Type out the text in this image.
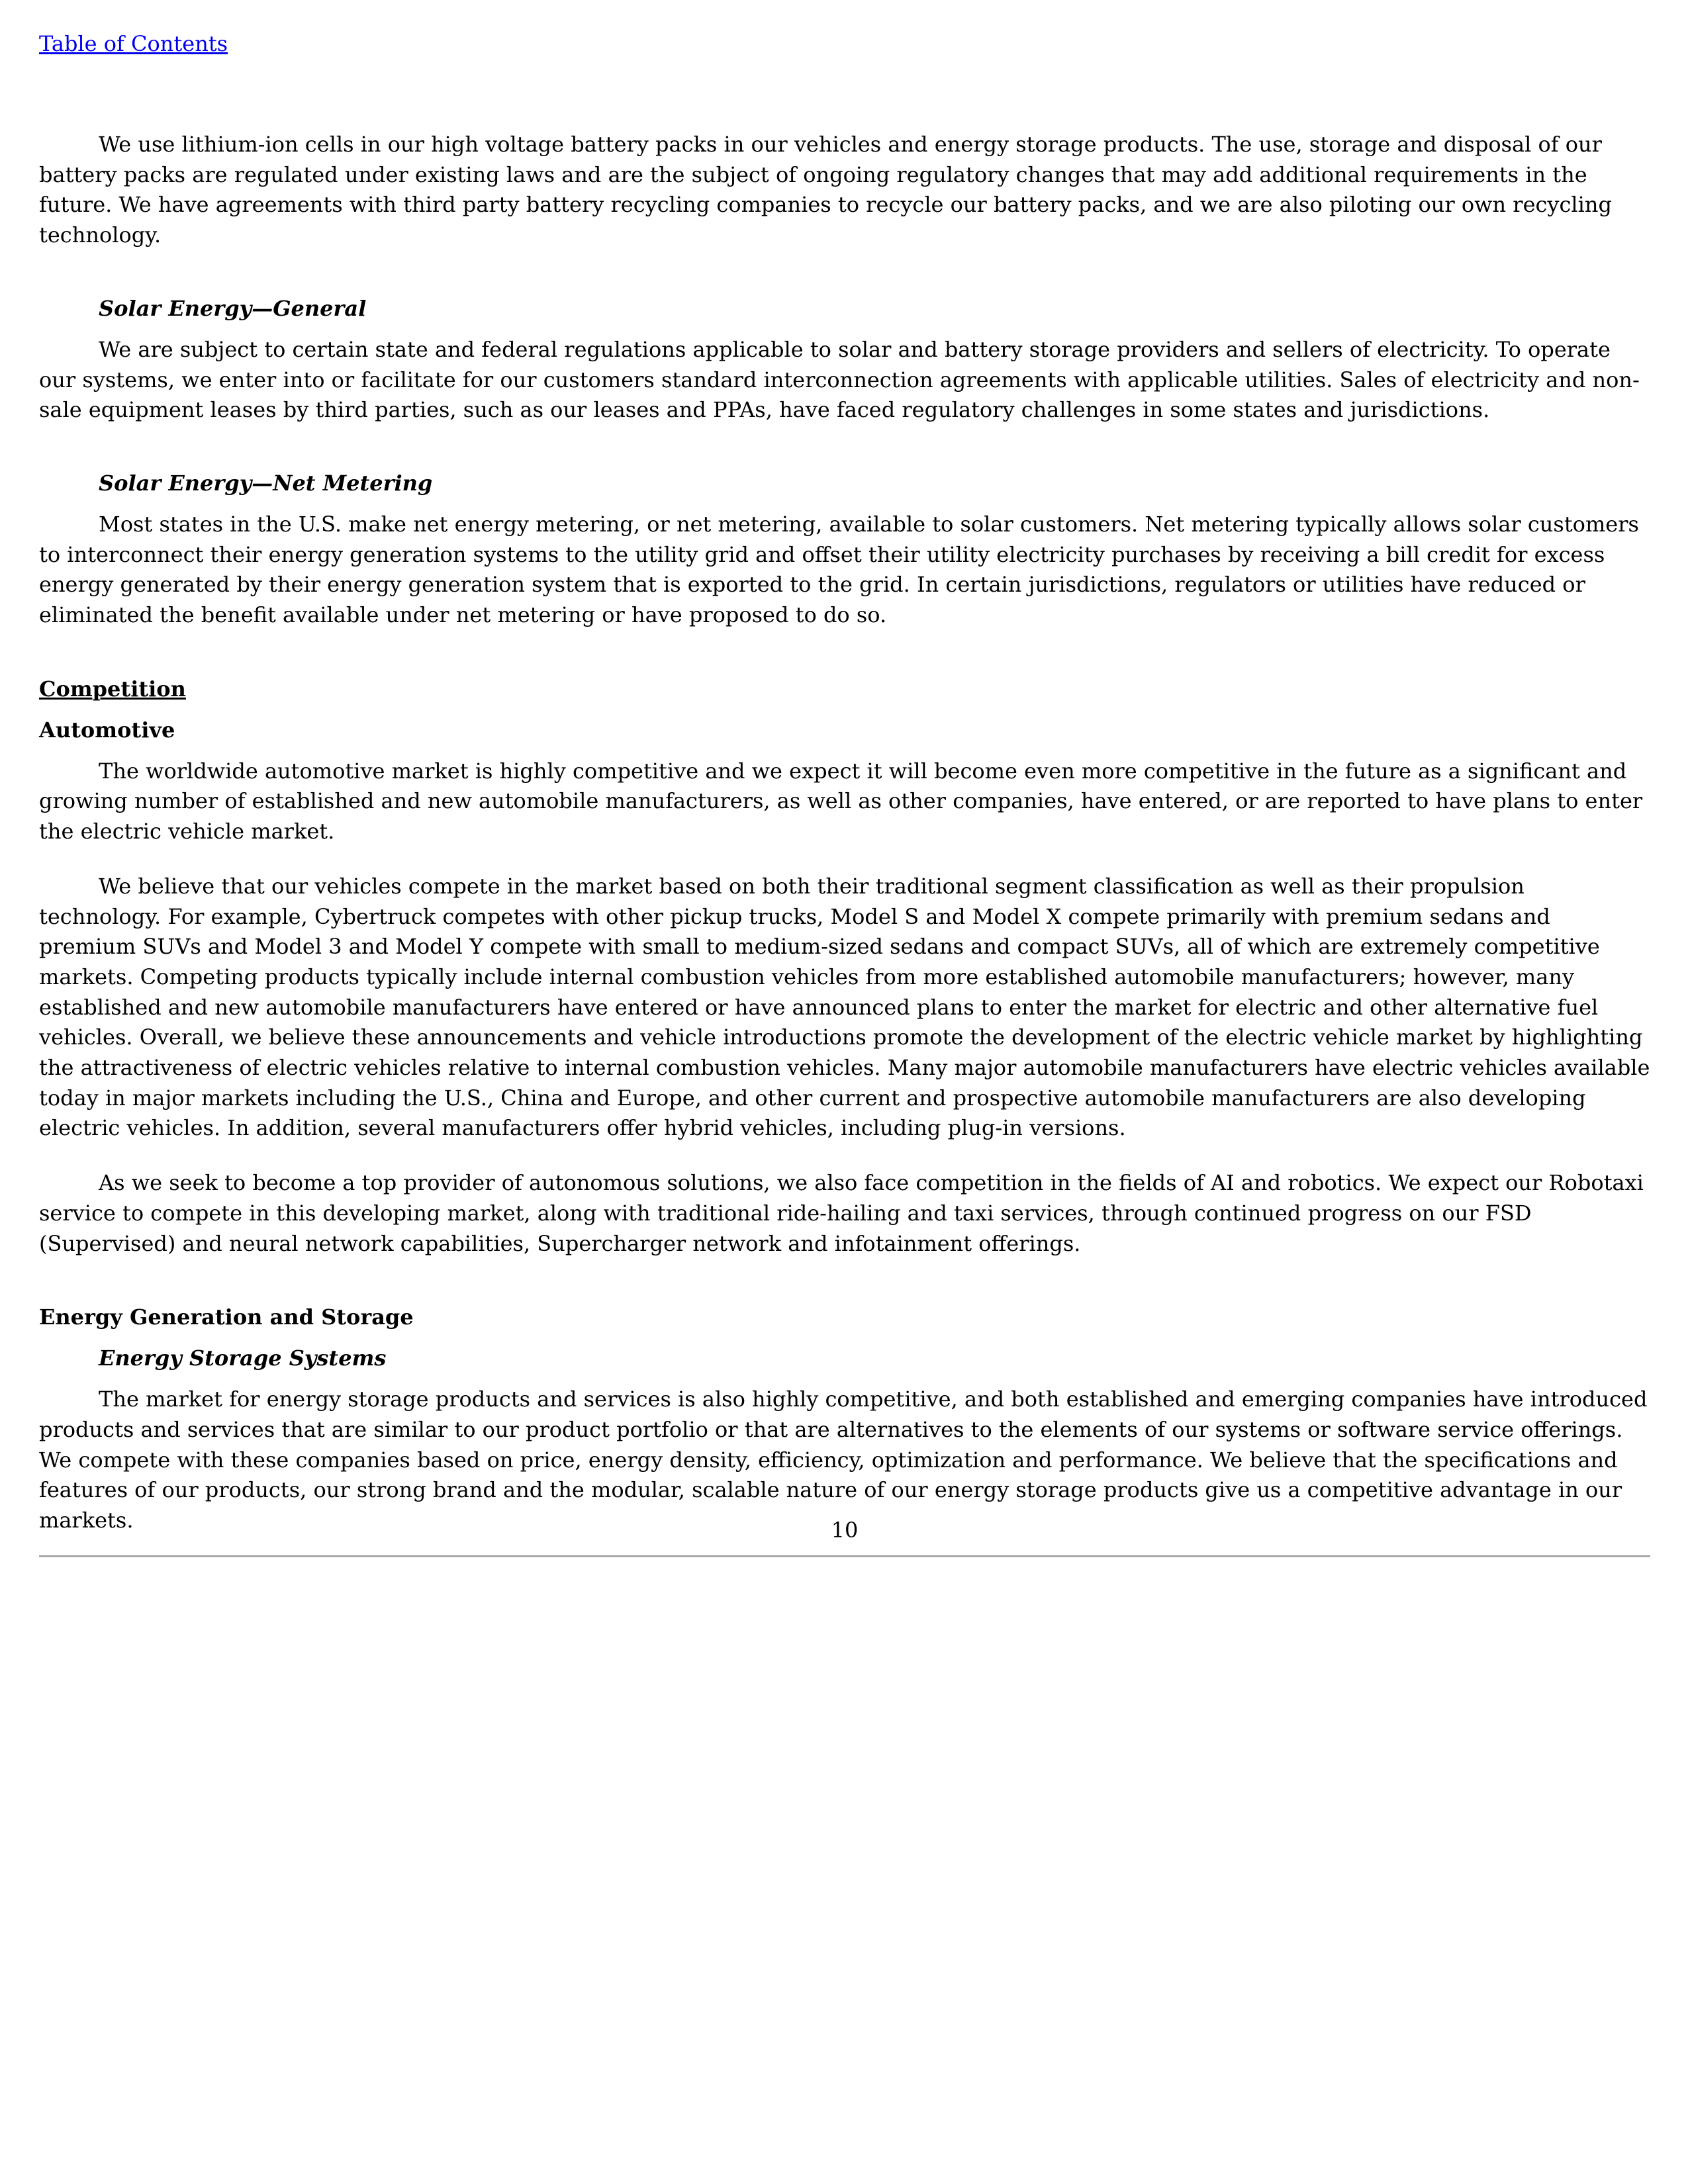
Table of Contents

We use lithium-ion cells in our high voltage battery packs in our vehicles and energy storage products. The use, storage and disposal of our battery packs are regulated under existing laws and are the subject of ongoing regulatory changes that may add additional requirements in the future. We have agreements with third party battery recycling companies to recycle our battery packs, and we are also piloting our own recycling technology.

Solar Energy—General

We are subject to certain state and federal regulations applicable to solar and battery storage providers and sellers of electricity. To operate our systems, we enter into or facilitate for our customers standard interconnection agreements with applicable utilities. Sales of electricity and non-sale equipment leases by third parties, such as our leases and PPAs, have faced regulatory challenges in some states and jurisdictions.

Solar Energy—Net Metering

Most states in the U.S. make net energy metering, or net metering, available to solar customers. Net metering typically allows solar customers to interconnect their energy generation systems to the utility grid and offset their utility electricity purchases by receiving a bill credit for excess energy generated by their energy generation system that is exported to the grid. In certain jurisdictions, regulators or utilities have reduced or eliminated the benefit available under net metering or have proposed to do so.

Competition
Automotive

The worldwide automotive market is highly competitive and we expect it will become even more competitive in the future as a significant and growing number of established and new automobile manufacturers, as well as other companies, have entered, or are reported to have plans to enter the electric vehicle market.

We believe that our vehicles compete in the market based on both their traditional segment classification as well as their propulsion technology. For example, Cybertruck competes with other pickup trucks, Model S and Model X compete primarily with premium sedans and premium SUVs and Model 3 and Model Y compete with small to medium-sized sedans and compact SUVs, all of which are extremely competitive markets. Competing products typically include internal combustion vehicles from more established automobile manufacturers; however, many established and new automobile manufacturers have entered or have announced plans to enter the market for electric and other alternative fuel vehicles. Overall, we believe these announcements and vehicle introductions promote the development of the electric vehicle market by highlighting the attractiveness of electric vehicles relative to internal combustion vehicles. Many major automobile manufacturers have electric vehicles available today in major markets including the U.S., China and Europe, and other current and prospective automobile manufacturers are also developing electric vehicles. In addition, several manufacturers offer hybrid vehicles, including plug-in versions.

As we seek to become a top provider of autonomous solutions, we also face competition in the fields of AI and robotics. We expect our Robotaxi service to compete in this developing market, along with traditional ride-hailing and taxi services, through continued progress on our FSD (Supervised) and neural network capabilities, Supercharger network and infotainment offerings.

Energy Generation and Storage
Energy Storage Systems

The market for energy storage products and services is also highly competitive, and both established and emerging companies have introduced products and services that are similar to our product portfolio or that are alternatives to the elements of our systems or software service offerings. We compete with these companies based on price, energy density, efficiency, optimization and performance. We believe that the specifications and features of our products, our strong brand and the modular, scalable nature of our energy storage products give us a competitive advantage in our markets.	10
